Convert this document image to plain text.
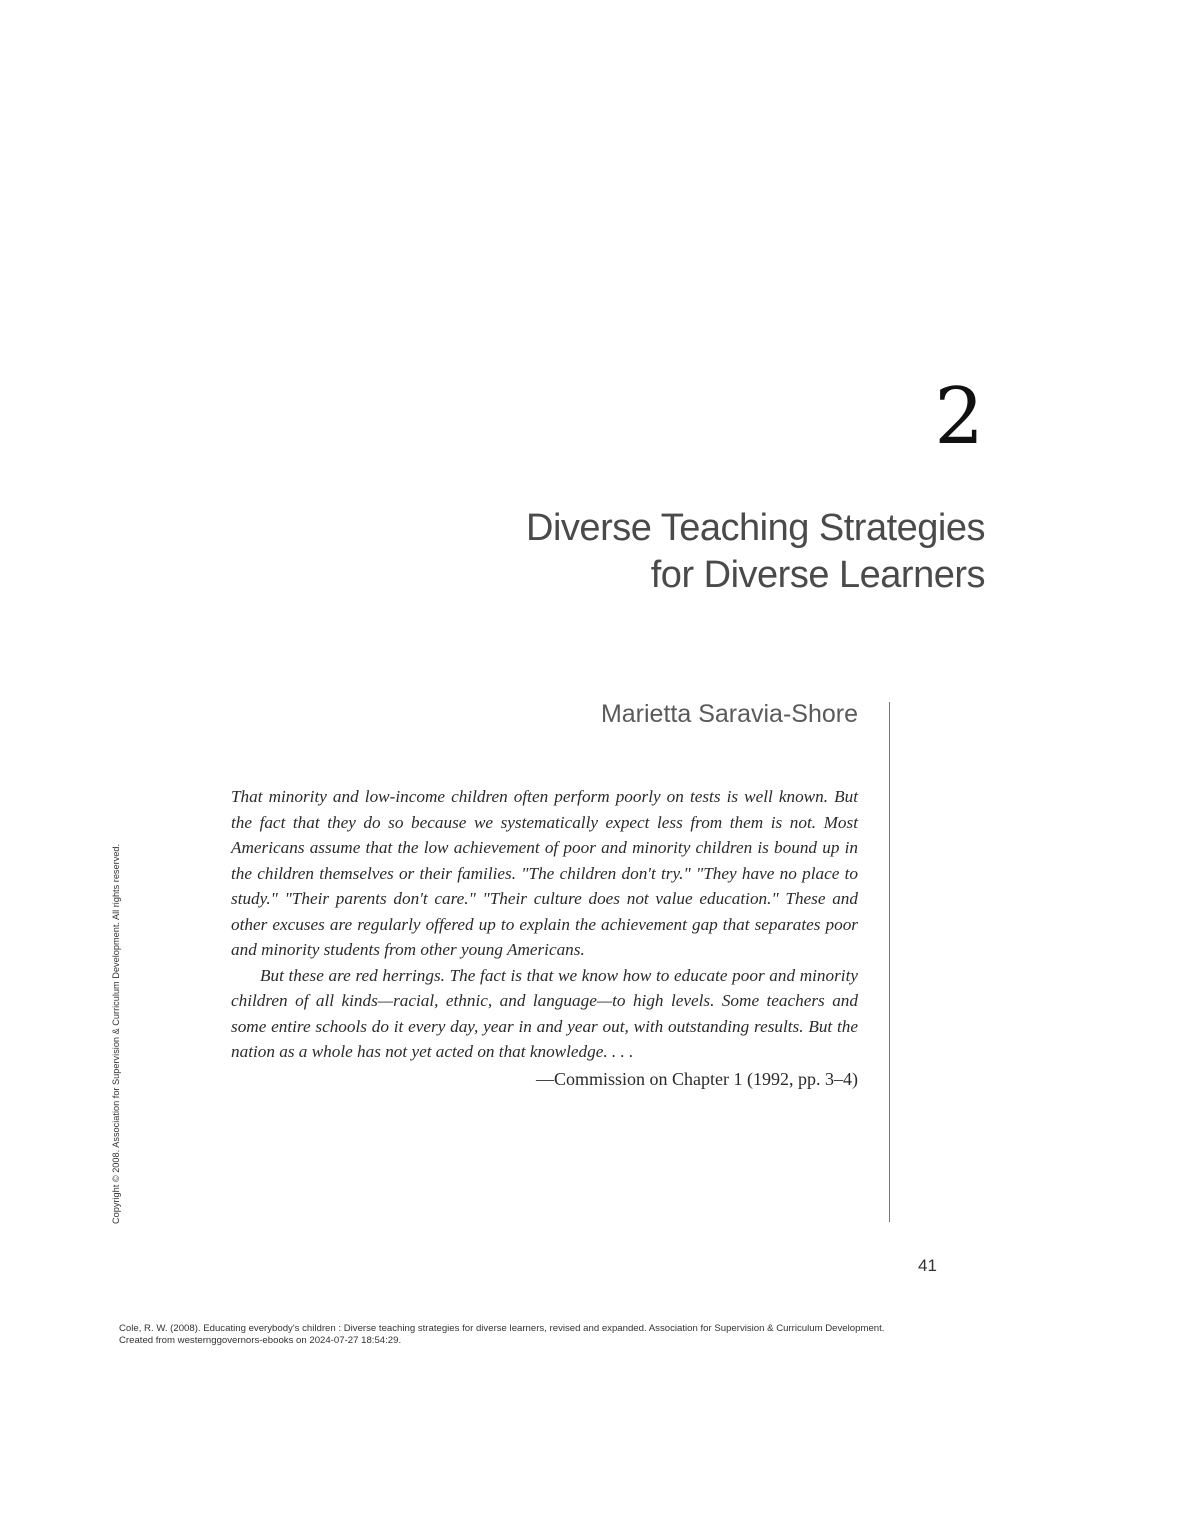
2
Diverse Teaching Strategies
for Diverse Learners
Marietta Saravia-Shore

That minority and low-income children often perform poorly on tests is well known. But the fact that they do so because we systematically expect less from them is not. Most Americans assume that the low achievement of poor and minority children is bound up in the children themselves or their families. "The children don't try." "They have no place to study." "Their parents don't care." "Their culture does not value education." These and other excuses are regularly offered up to explain the achievement gap that separates poor and minority students from other young Americans.

But these are red herrings. The fact is that we know how to educate poor and minority children of all kinds—racial, ethnic, and language—to high levels. Some teachers and some entire schools do it every day, year in and year out, with outstanding results. But the nation as a whole has not yet acted on that knowledge. . . .

—Commission on Chapter 1 (1992, pp. 3–4)
Copyright © 2008. Association for Supervision & Curriculum Development. All rights reserved.
41
Cole, R. W. (2008). Educating everybody's children : Diverse teaching strategies for diverse learners, revised and expanded. Association for Supervision & Curriculum Development.
Created from westernggovernors-ebooks on 2024-07-27 18:54:29.
